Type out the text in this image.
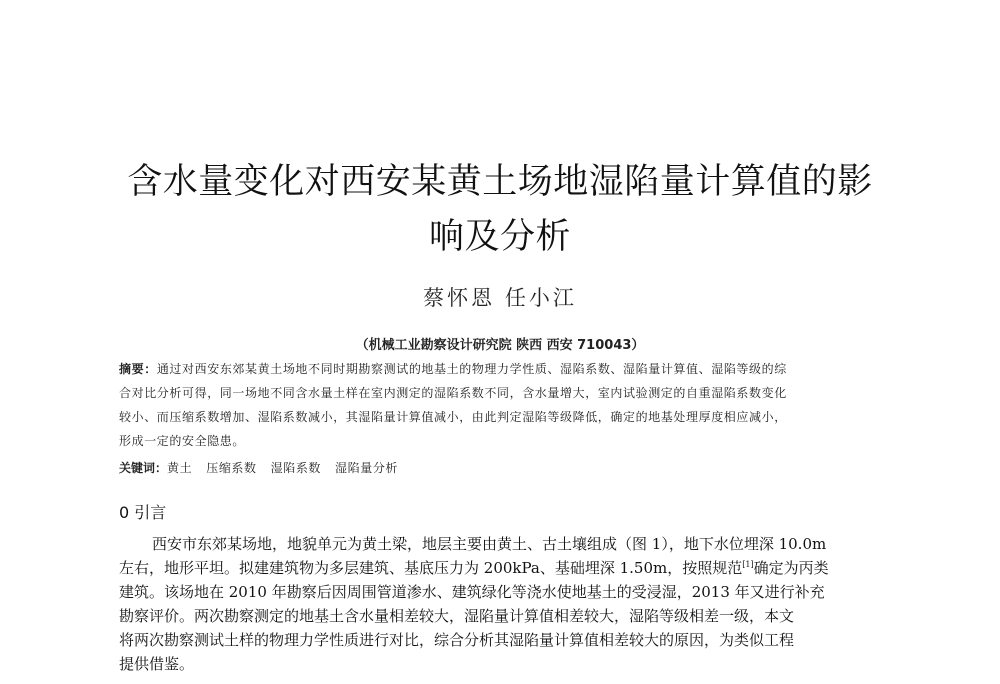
含水量变化对西安某黄土场地湿陷量计算值的影
响及分析
蔡怀恩 任小江
（机械工业勘察设计研究院 陕西 西安 710043）
摘要：通过对西安东郊某黄土场地不同时期勘察测试的地基土的物理力学性质、湿陷系数、湿陷量计算值、湿陷等级的综
合对比分析可得，同一场地不同含水量土样在室内测定的湿陷系数不同，含水量增大，室内试验测定的自重湿陷系数变化
较小、而压缩系数增加、湿陷系数减小，其湿陷量计算值减小，由此判定湿陷等级降低，确定的地基处理厚度相应减小，
形成一定的安全隐患。
关键词：黄土 压缩系数 湿陷系数 湿陷量分析
0 引言
西安市东郊某场地，地貌单元为黄土梁，地层主要由黄土、古土壤组成（图 1），地下水位埋深 10.0m
左右，地形平坦。拟建建筑物为多层建筑、基底压力为 200kPa、基础埋深 1.50m，按照规范[1]确定为丙类
建筑。该场地在 2010 年勘察后因周围管道渗水、建筑绿化等浇水使地基土的受浸湿，2013 年又进行补充
勘察评价。两次勘察测定的地基土含水量相差较大，湿陷量计算值相差较大，湿陷等级相差一级，本文
将两次勘察测试土样的物理力学性质进行对比，综合分析其湿陷量计算值相差较大的原因，为类似工程
提供借鉴。
